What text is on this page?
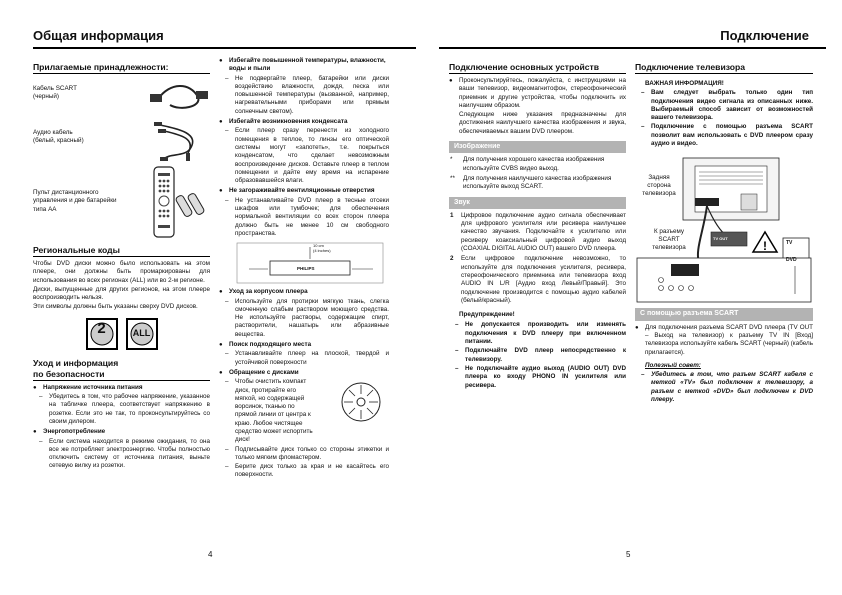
Общая информация
Прилагаемые принадлежности:
Кабель SCART
(черный)
Аудио кабель
(белый, красный)
Пульт дистанционного управления и две батарейки типа АА
Региональные коды
Чтобы DVD диски можно было использовать на этом плеере, они должны быть промаркированы для использования во всех регионах (ALL) или во 2-м регионе.
Диски, выпущенные для других регионов, на этом плеере воспроизводить нельзя.
Эти символы должны быть указаны сверху DVD дисков.
2	ALL
Уход и информация
по безопасности
● Напряжение источника питания
– Убедитесь в том, что рабочее напряжение, указанное на табличке плеера, соответствует напряжению в розетке. Если это не так, то проконсультируйтесь со своим дилером.
● Энергопотребление
– Если система находится в режиме ожидания, то она все же потребляет электроэнергию. Чтобы полностью отключить систему от источника питания, выньте сетевую вилку из розетки.
● Избегайте повышенной температуры, влажности, воды и пыли
– Не подвергайте плеер, батарейки или диски воздействию влажности, дождя, песка или повышенной температуры (вызванной, например, нагревательными приборами или прямым солнечным светом).
● Избегайте возникновения конденсата
– Если плеер сразу перенести из холодного помещения в теплое, то линзы его оптической системы могут «запотеть», т.е. покрыться конденсатом, что сделает невозможным воспроизведение дисков. Оставьте плеер в теплом помещении и дайте ему время на испарение образовавшейся влаги.
● Не загораживайте вентиляционные отверстия
– Не устанавливайте DVD плеер в тесные отсеки шкафов или тумбочек; для обеспечения нормальной вентиляции со всех сторон плеера должно быть не менее 10 см свободного пространства.
10 cm
(4 inches)
PHILIPS
● Уход за корпусом плеера
– Используйте для протирки мягкую ткань, слегка смоченную слабым раствором моющего средства. Не используйте растворы, содержащие спирт, растворители, нашатырь или абразивные вещества.
● Поиск подходящего места
– Устанавливайте плеер на плоской, твердой и устойчивой поверхности
● Обращение с дисками
– Чтобы очистить компакт диск, протирайте его мягкой, но содержащей ворсинок, тканью по прямой линии от центра к краю. Любое чистящее средство может испортить диск!
– Подписывайте диск только со стороны этикетки и только мягким фломастером.
– Берите диск только за края и не касайтесь его поверхности.
4
Подключение
Подключение основных устройств
● Проконсультируйтесь, пожалуйста, с инструкциями на ваши телевизор, видеомагнитофон, стереофонический приемник и другие устройства, чтобы подключить их наилучшим образом.
Следующие ниже указания предназначены для достижения наилучшего качества изображения и звука, обеспечиваемых вашим DVD плеером.
Изображение
* Для получения хорошего качества изображения используйте CVBS видео выход.
** Для получения наилучшего качества изображения используйте выход SCART.
Звук
1 Цифровое подключение аудио сигнала обеспечивает для цифрового усилителя или ресивера наилучшее качество звучания. Подключайте к усилителю или ресиверу коаксиальный цифровой аудио выход (COAXIAL DIGITAL AUDIO OUT) вашего DVD плеера.
2 Если цифровое подключение невозможно, то используйте для подключения усилителя, ресивера, стереофонического приемника или телевизора вход AUDIO IN L/R [Аудио вход Левый/Правый]. Это подключение производится с помощью аудио кабелей (белый/красный).
Предупреждение!
– Не допускается производить или изменять подключения к DVD плееру при включенном питании.
– Подключайте DVD плеер непосредственно к телевизору.
– Не подключайте аудио выход (AUDIO OUT) DVD плеера ко входу PHONO IN усилителя или ресивера.
Подключение телевизора
ВАЖНАЯ ИНФОРМАЦИЯ!
– Вам следует выбрать только один тип подключения видео сигнала из описанных ниже. Выбираемый способ зависит от возможностей вашего телевизора.
– Подключение с помощью разъема SCART позволит вам использовать с DVD плеером сразу аудио и видео.
!
Задняя
сторона
телевизора
К разъему
SCART
телевизора
TV OUT
TV
DVD
С помощью разъема SCART
● Для подключения разъема SCART DVD плеера (TV OUT – Выход на телевизор) к разъему TV IN [Вход] телевизора используйте кабель SCART (черный) (кабель прилагается).
Полезный совет:
– Убедитесь в том, что разъем SCART кабеля с меткой «TV» был подключен к телевизору, а разъем с меткой «DVD» был подключен к DVD плееру.
5
